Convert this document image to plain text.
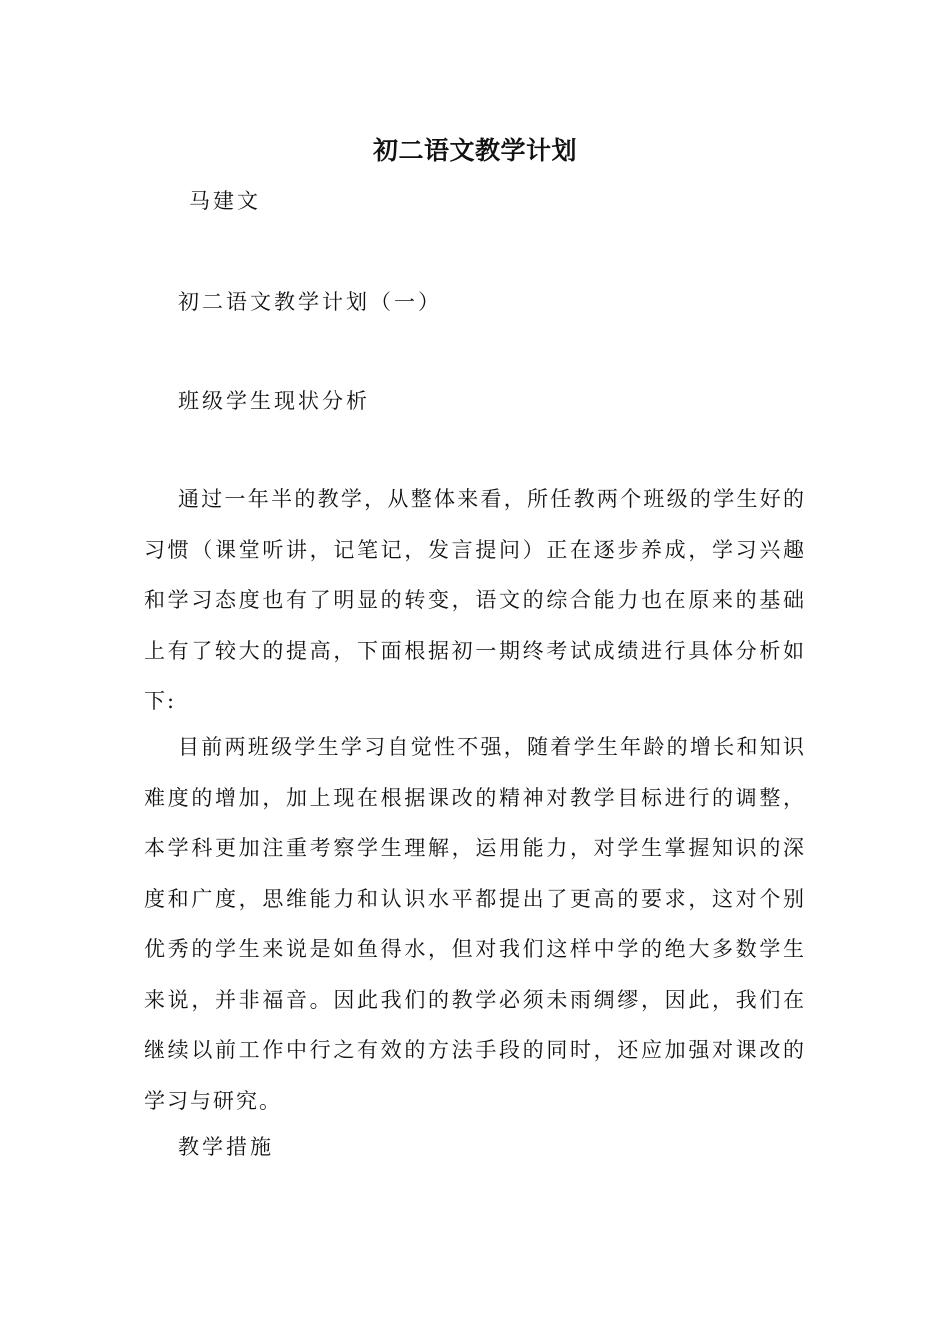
初二语文教学计划
马建文
初二语文教学计划（一）
班级学生现状分析

通过一年半的教学，从整体来看，所任教两个班级的学生好的习惯（课堂听讲，记笔记，发言提问）正在逐步养成，学习兴趣和学习态度也有了明显的转变，语文的综合能力也在原来的基础上有了较大的提高，下面根据初一期终考试成绩进行具体分析如下:

目前两班级学生学习自觉性不强，随着学生年龄的增长和知识难度的增加，加上现在根据课改的精神对教学目标进行的调整，本学科更加注重考察学生理解，运用能力，对学生掌握知识的深度和广度，思维能力和认识水平都提出了更高的要求，这对个别优秀的学生来说是如鱼得水，但对我们这样中学的绝大多数学生来说，并非福音。因此我们的教学必须未雨绸缪，因此，我们在继续以前工作中行之有效的方法手段的同时，还应加强对课改的学习与研究。

教学措施
